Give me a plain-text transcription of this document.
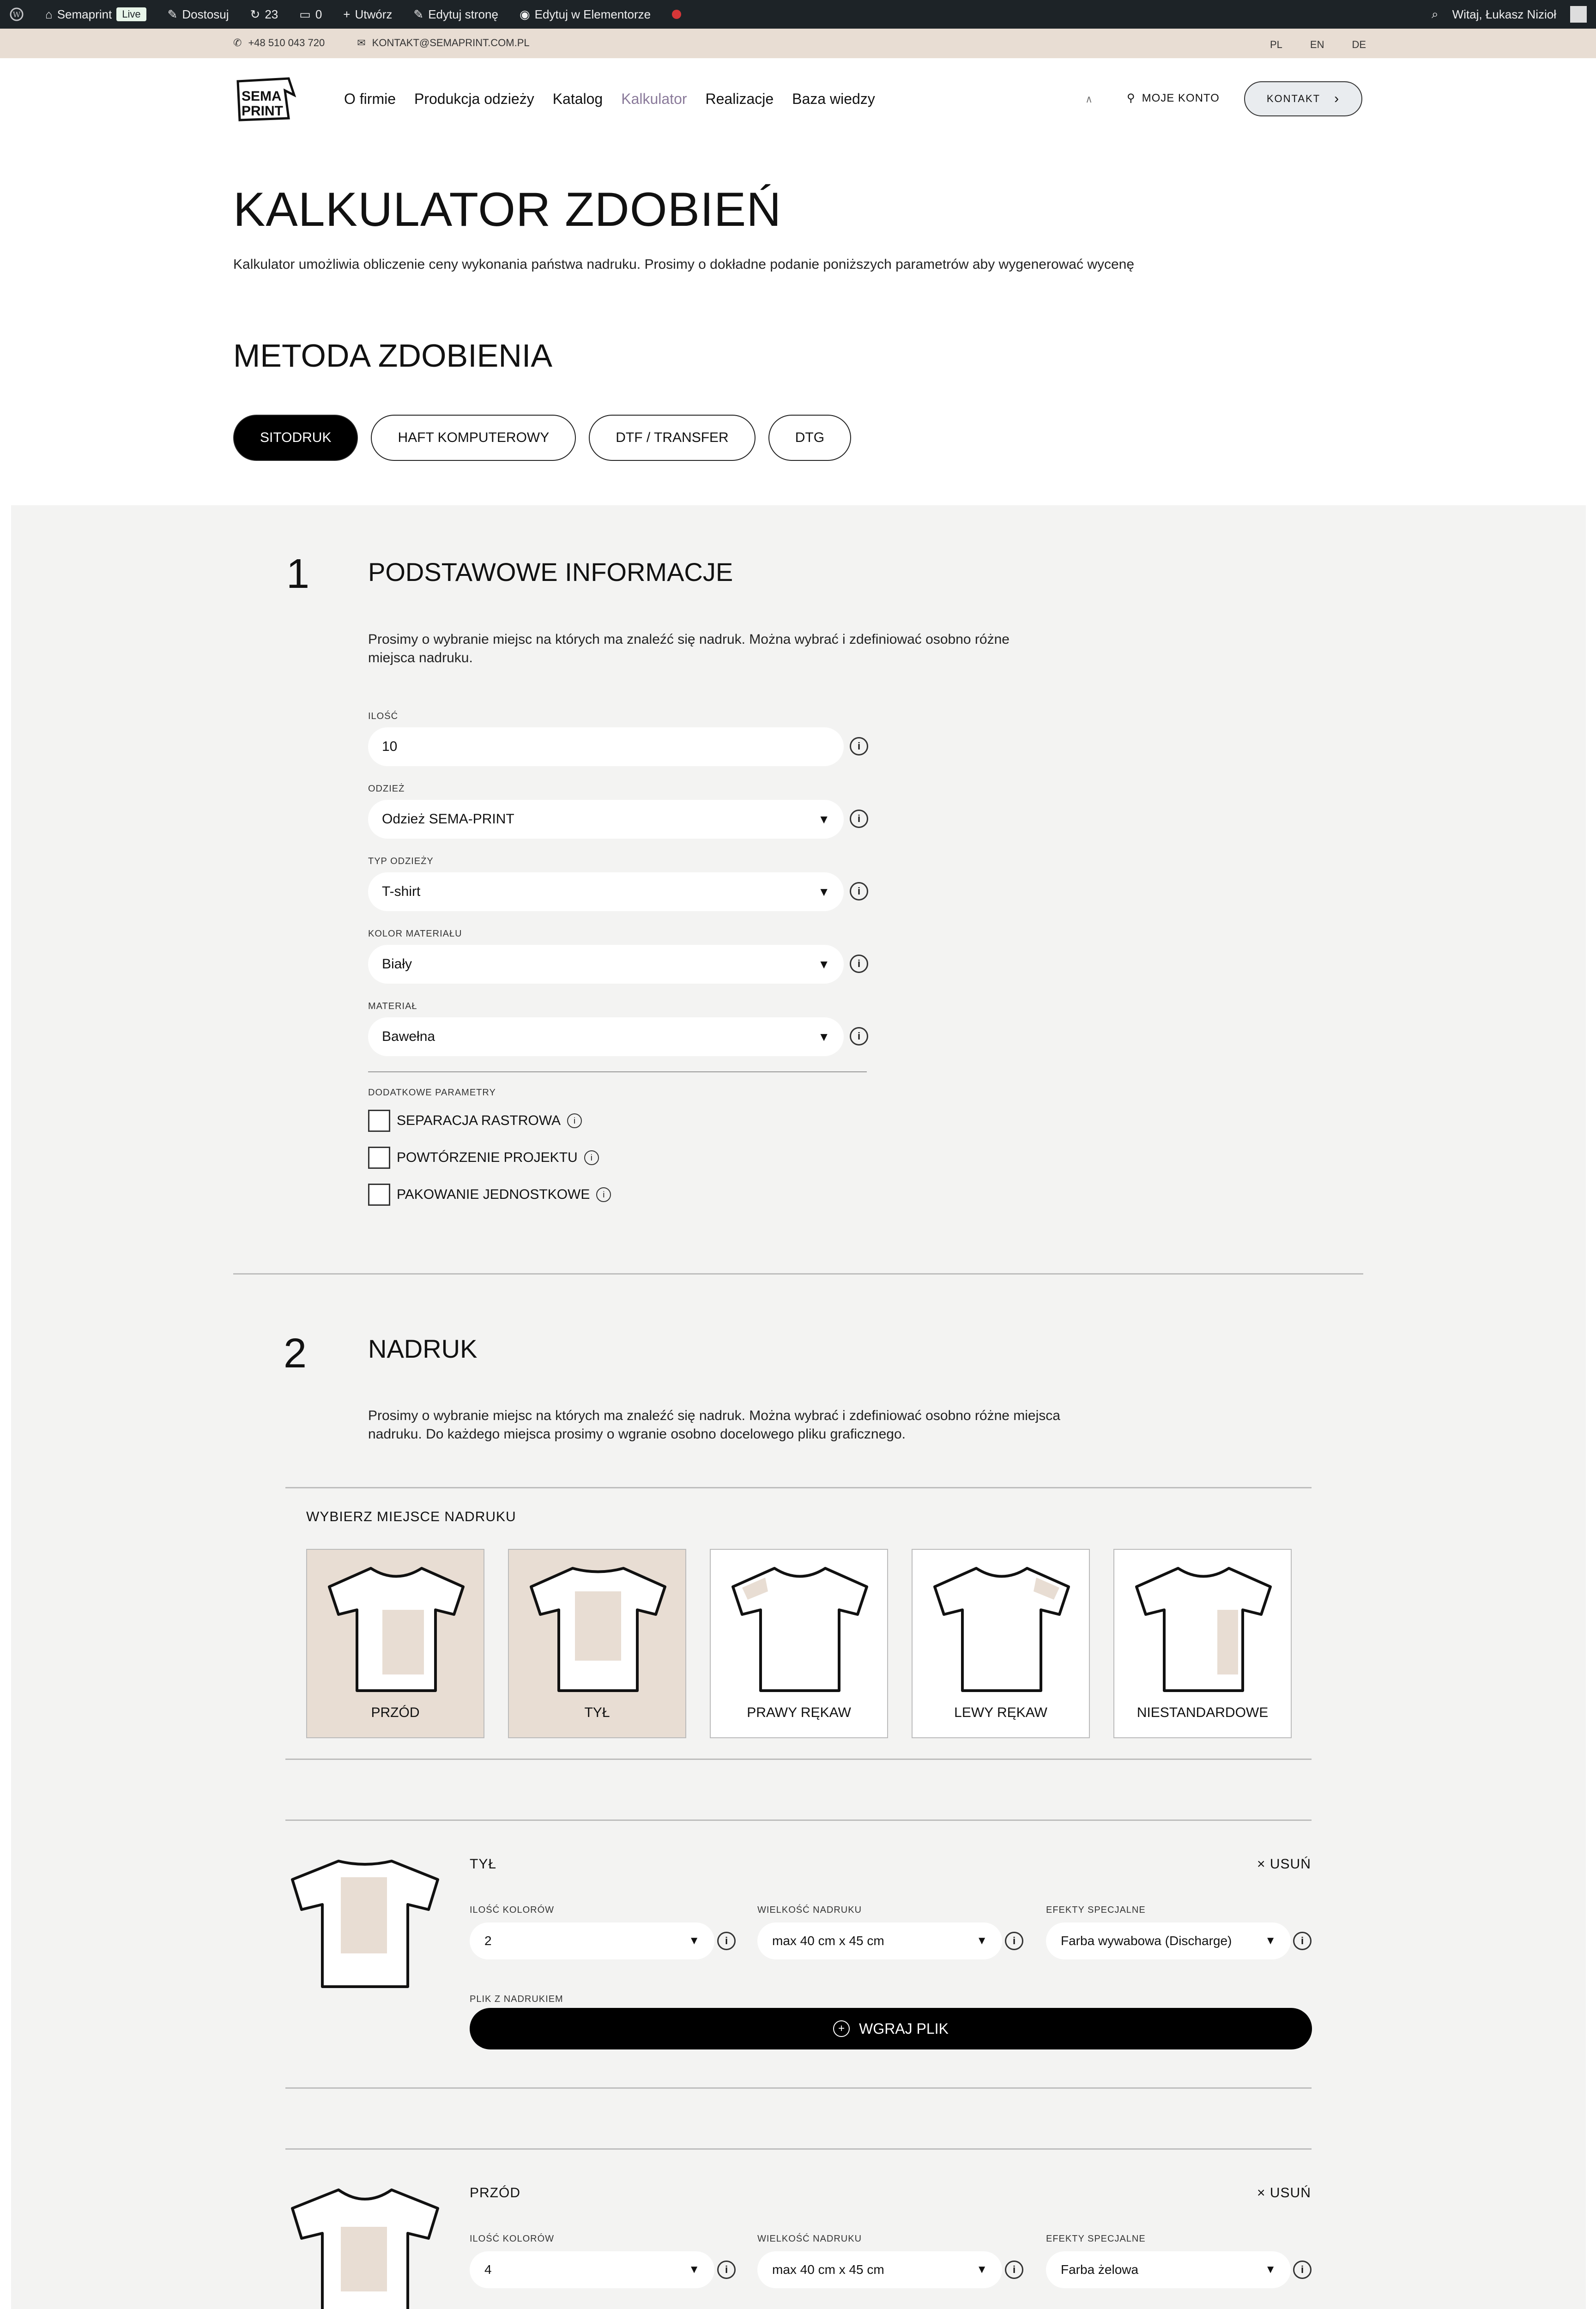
W ⌂ Semaprint	Live	✎ Dostosuj ↻ 23 ▭ 0 + Utwórz ✎ Edytuj stronę ◉ Edytuj w Elementorze	⌕ Witaj, Łukasz Nizioł
✆ +48 510 043 720	✉ KONTAKT@SEMAPRINT.COM.PL	PL	EN	DE
SEMA
PRINT
O firmie Produkcja odzieży Katalog Kalkulator Realizacje Baza wiedzy	∧	⚲ MOJE KONTO	KONTAKT ›
KALKULATOR ZDOBIEŃ

Kalkulator umożliwia obliczenie ceny wykonania państwa nadruku. Prosimy o dokładne podanie poniższych parametrów aby wygenerować wycenę

METODA ZDOBIENIA
SITODRUK	HAFT KOMPUTEROWY	DTF / TRANSFER	DTG
1 PODSTAWOWE INFORMACJE
Prosimy o wybranie miejsc na których ma znaleźć się nadruk. Można wybrać i zdefiniować osobno różne
miejsca nadruku.
ILOŚĆ
10	i
ODZIEŻ
Odzież SEMA-PRINT	▼	i
TYP ODZIEŻY
T-shirt	▼	i
KOLOR MATERIAŁU
Biały	▼	i
MATERIAŁ
Bawełna	▼	i
DODATKOWE PARAMETRY
SEPARACJA RASTROWA	i
POWTÓRZENIE PROJEKTU	i
PAKOWANIE JEDNOSTKOWE	i
2 NADRUK
Prosimy o wybranie miejsc na których ma znaleźć się nadruk. Można wybrać i zdefiniować osobno różne miejsca
nadruku. Do każdego miejsca prosimy o wgranie osobno docelowego pliku graficznego.
WYBIERZ MIEJSCE NADRUKU
PRZÓD	TYŁ	PRAWY RĘKAW	LEWY RĘKAW	NIESTANDARDOWE
TYŁ	× USUŃ
ILOŚĆ KOLORÓW
2	▼	i
WIELKOŚĆ NADRUKU
max 40 cm x 45 cm	▼	i
EFEKTY SPECJALNE
Farba wywabowa (Discharge)	▼	i
PLIK Z NADRUKIEM
+ WGRAJ PLIK
PRZÓD	× USUŃ
ILOŚĆ KOLORÓW
4	▼	i
WIELKOŚĆ NADRUKU
max 40 cm x 45 cm	▼	i
EFEKTY SPECJALNE
Farba żelowa	▼	i
